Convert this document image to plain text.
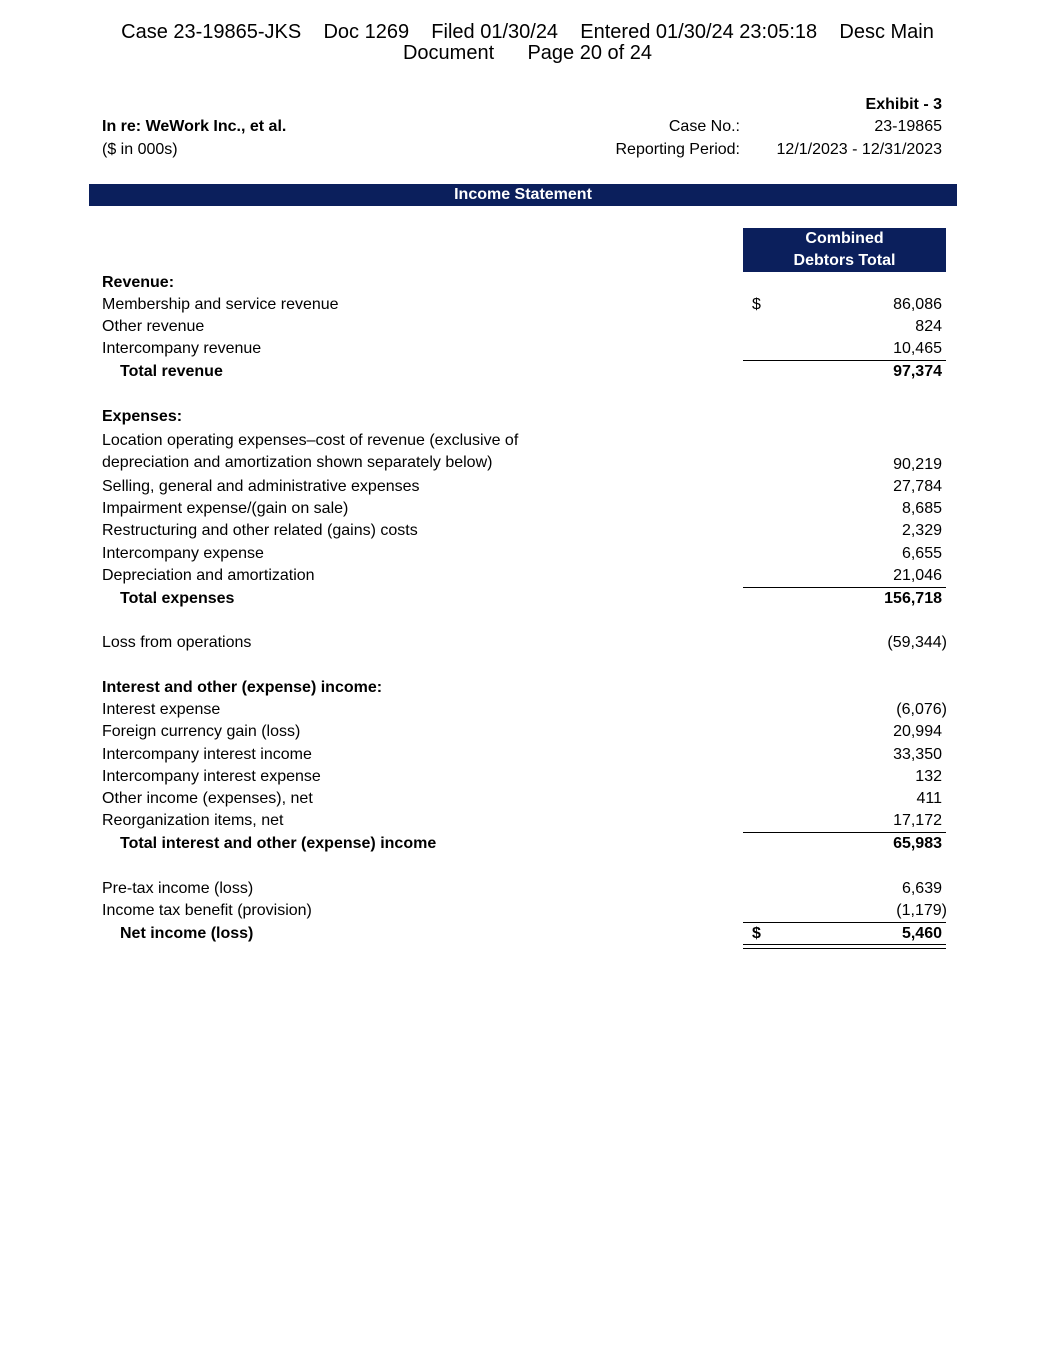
Case 23-19865-JKS    Doc 1269    Filed 01/30/24    Entered 01/30/24 23:05:18    Desc Main
Document      Page 20 of 24
Exhibit - 3
In re: WeWork Inc., et al.
($ in 000s)
Case No.:	23-19865
Reporting Period: 12/1/2023 - 12/31/2023
Income Statement
Combined
Debtors Total
Revenue:
Membership and service revenue	$	86,086
Other revenue	824
Intercompany revenue	10,465
Total revenue	97,374
Expenses:
Location operating expenses–cost of revenue (exclusive of
depreciation and amortization shown separately below)	90,219
Selling, general and administrative expenses	27,784
Impairment expense/(gain on sale)	8,685
Restructuring and other related (gains) costs	2,329
Intercompany expense	6,655
Depreciation and amortization	21,046
Total expenses	156,718
Loss from operations	(59,344)
Interest and other (expense) income:
Interest expense	(6,076)
Foreign currency gain (loss)	20,994
Intercompany interest income	33,350
Intercompany interest expense	132
Other income (expenses), net	411
Reorganization items, net	17,172
Total interest and other (expense) income	65,983
Pre-tax income (loss)	6,639
Income tax benefit (provision)	(1,179)
Net income (loss)	$	5,460
